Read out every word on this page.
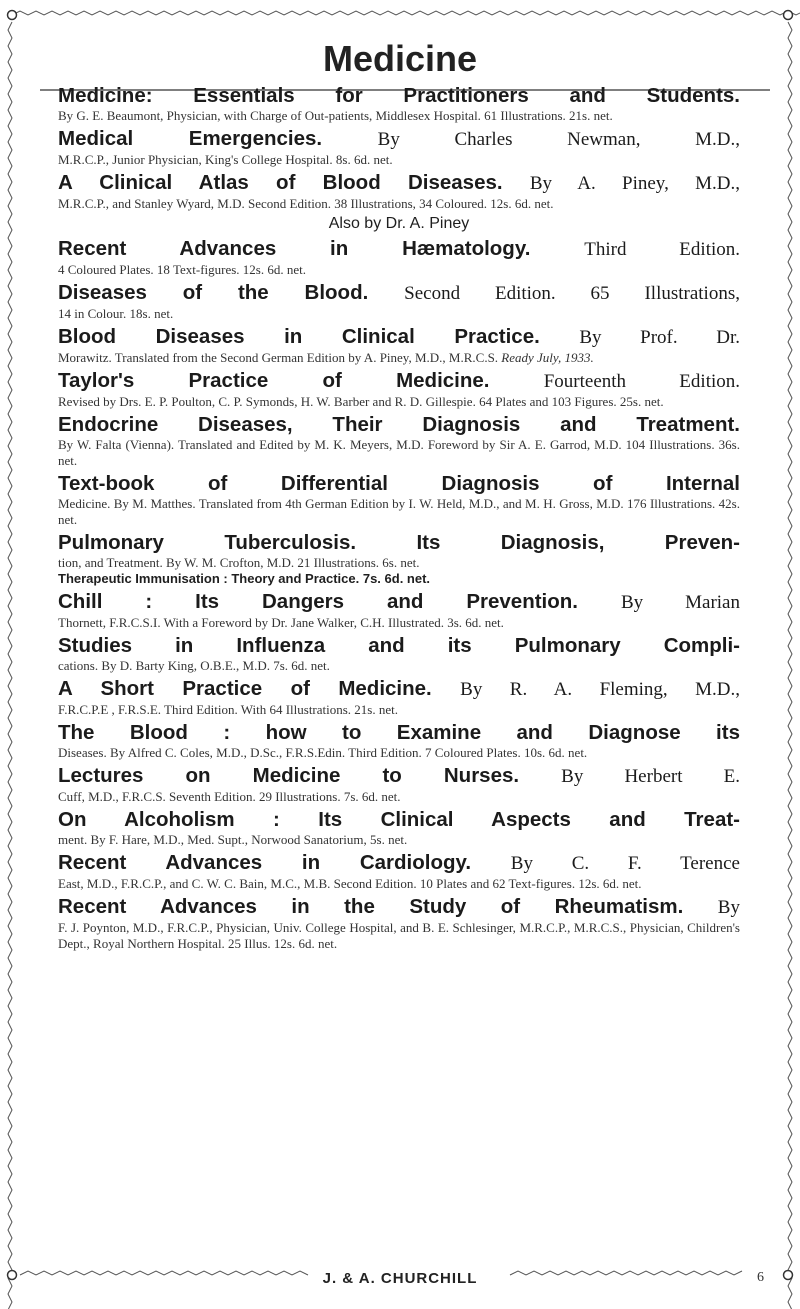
Medicine
Medicine: Essentials for Practitioners and Students.
By G. E. Beaumont, Physician, with Charge of Out-patients, Middlesex Hospital. 61 Illustrations. 21s. net.
Medical Emergencies.	By Charles Newman, M.D.,
M.R.C.P., Junior Physician, King's College Hospital. 8s. 6d. net.
A Clinical Atlas of Blood Diseases. By A. Piney, M.D.,
M.R.C.P., and Stanley Wyard, M.D. Second Edition. 38 Illustrations, 34 Coloured. 12s. 6d. net.
Also by Dr. A. Piney
Recent Advances in Hæmatology.	Third Edition.
4 Coloured Plates. 18 Text-figures. 12s. 6d. net.
Diseases of the Blood. Second Edition. 65 Illustrations,
14 in Colour. 18s. net.
Blood Diseases in Clinical Practice. By Prof. Dr.
Morawitz. Translated from the Second German Edition by A. Piney, M.D., M.R.C.S. Ready July, 1933.
Taylor's Practice of Medicine.	Fourteenth Edition.
Revised by Drs. E. P. Poulton, C. P. Symonds, H. W. Barber and R. D. Gillespie. 64 Plates and 103 Figures. 25s. net.
Endocrine Diseases, Their Diagnosis and Treatment.
By W. Falta (Vienna). Translated and Edited by M. K. Meyers, M.D. Foreword by Sir A. E. Garrod, M.D. 104 Illustrations. 36s. net.
Text-book of Differential Diagnosis of Internal
Medicine. By M. Matthes. Translated from 4th German Edition by I. W. Held, M.D., and M. H. Gross, M.D. 176 Illustrations. 42s. net.
Pulmonary Tuberculosis. Its Diagnosis, Preven-
tion, and Treatment. By W. M. Crofton, M.D. 21 Illustrations. 6s. net.
Therapeutic Immunisation : Theory and Practice. 7s. 6d. net.
Chill : Its Dangers and Prevention. By Marian
Thornett, F.R.C.S.I. With a Foreword by Dr. Jane Walker, C.H. Illustrated. 3s. 6d. net.
Studies in Influenza and its Pulmonary Compli-
cations. By D. Barty King, O.B.E., M.D. 7s. 6d. net.
A Short Practice of Medicine. By R. A. Fleming, M.D.,
F.R.C.P.E , F.R.S.E. Third Edition. With 64 Illustrations. 21s. net.
The Blood : how to Examine and Diagnose its
Diseases. By Alfred C. Coles, M.D., D.Sc., F.R.S.Edin. Third Edition. 7 Coloured Plates. 10s. 6d. net.
Lectures on Medicine to Nurses. By Herbert E.
Cuff, M.D., F.R.C.S. Seventh Edition. 29 Illustrations. 7s. 6d. net.
On Alcoholism : Its Clinical Aspects and Treat-
ment. By F. Hare, M.D., Med. Supt., Norwood Sanatorium, 5s. net.
Recent Advances in Cardiology. By C. F. Terence
East, M.D., F.R.C.P., and C. W. C. Bain, M.C., M.B. Second Edition. 10 Plates and 62 Text-figures. 12s. 6d. net.
Recent Advances in the Study of Rheumatism. By
F. J. Poynton, M.D., F.R.C.P., Physician, Univ. College Hospital, and B. E. Schlesinger, M.R.C.P., M.R.C.S., Physician, Children's Dept., Royal Northern Hospital. 25 Illus. 12s. 6d. net.
J. & A. CHURCHILL	6
